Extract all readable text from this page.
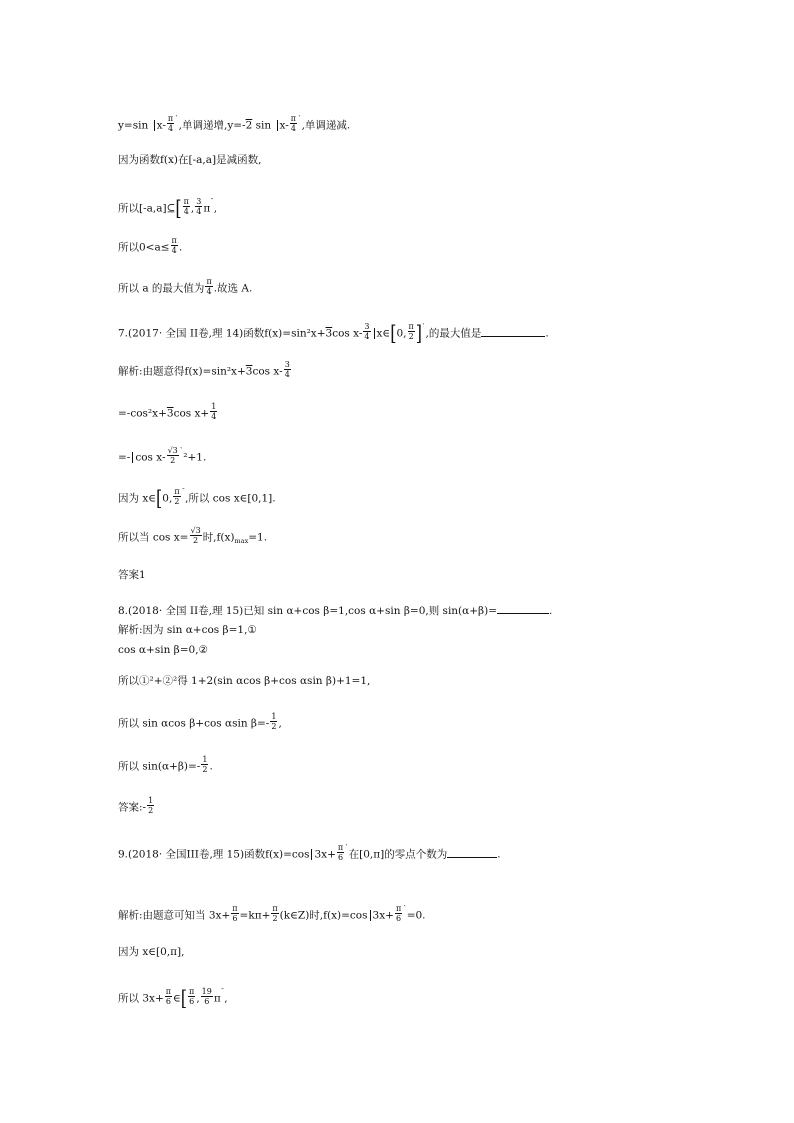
y=sin $x- \frac{\pi}{4} ^ˋ$,单调递增,y=-2 $\sin x- \frac{\pi}{4} ^ˋ$,单调递减.
因为函数f(x)在[-a,a]是减函数,
所以[-a,a]⊆[ $\frac{\pi}{4}$ , $\frac{3}{4} \pi^ˉ$,
所以$0<a\le \frac{\pi}{4}$ .
所以 a 的最大值为 $\frac{\pi}{4}$ .故选 A.
7.(2017· 全国 II卷,理 14)函数f(x)=sin²x+3cos $x- \frac{3}{4}$ x∈[0, $\frac{\pi}{2} ]^ˋ$,的最大值是	.
解析:由题意得f(x)=sin²x+3cos $x- \frac{3}{4}$
=-cos²x+3cos $x+ \frac{1}{4}$
=- $\cos x- \frac{√3}{2} ^ˋ^2+1$.
因为 x∈[0, $\frac{\pi}{2} ^ˉ$,所以 cos x∈[0,1].
所以当 $\cos x= \frac{√3}{2}$ 时,f(x)max=1.
答案1
8.(2018· 全国 II卷,理 15)已知 sin α+cos β=1,cos α+sin β=0,则 sin(α+β)=	.
解析:因为 sin α+cos β=1,①
cos α+sin β=0,②
所以①²+②²得 1+2(sin αcos β+cos αsin β)+1=1,
所以 sin αcos β+cos αsin $\beta=- \frac{1}{2}$ ,
所以 $\sin(\alpha+\beta)=- \frac{1}{2}$ .
答案:- $\frac{1}{2}$
9.(2018· 全国III卷,理 15)函数f(x)=cos $3x+ \frac{\pi}{6} ^ˋ$在[0,π]的零点个数为	.
解析:由题意可知当 $3x+ \frac{\pi}{6} =k\pi+ \frac{\pi}{2}$ (k∈Z)时,f(x)=cos $3x+ \frac{\pi}{6} ^ˋ=0$.
因为 x∈[0,π],
所以 $3x+ \frac{\pi}{6}$ ∈[ $\frac{\pi}{6}$ , $\frac{19}{6} \pi^ˉ$,
